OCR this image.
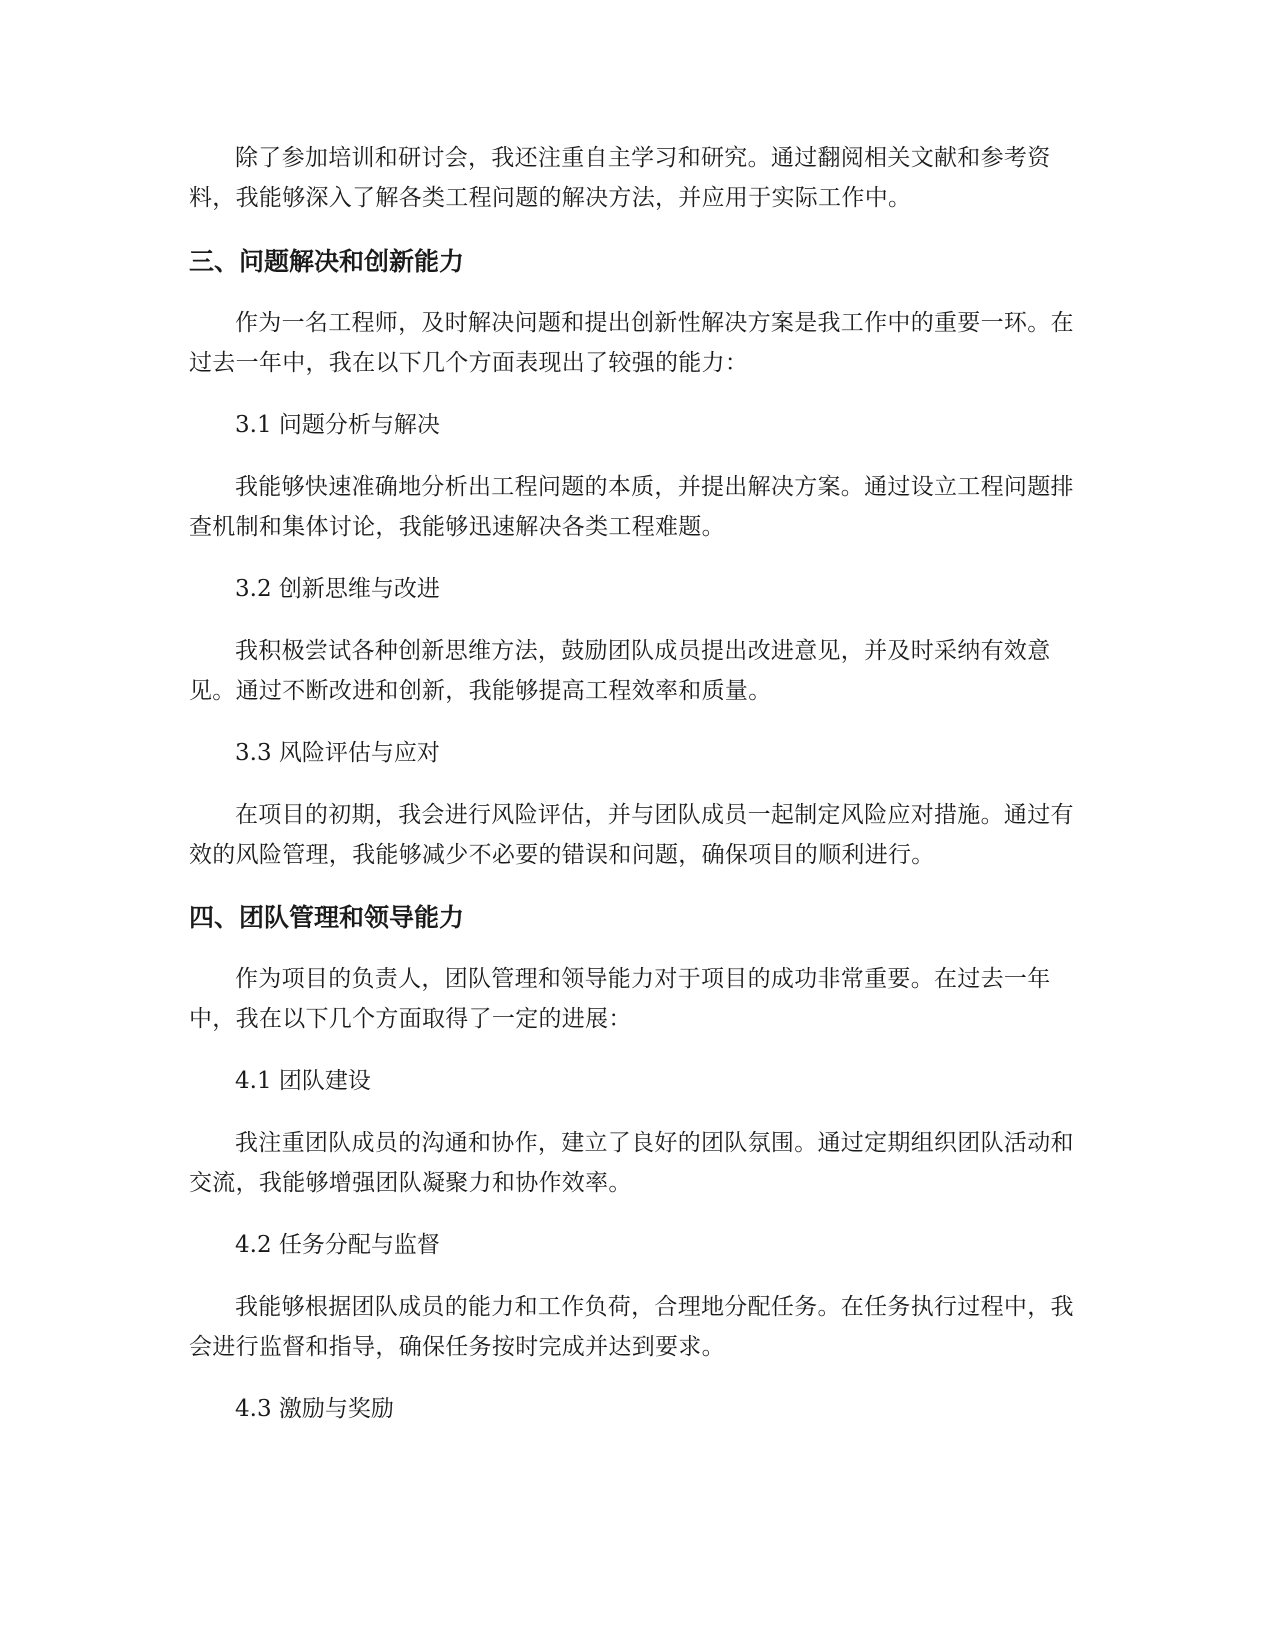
除了参加培训和研讨会，我还注重自主学习和研究。通过翻阅相关文献和参考资料，我能够深入了解各类工程问题的解决方法，并应用于实际工作中。

三、问题解决和创新能力

作为一名工程师，及时解决问题和提出创新性解决方案是我工作中的重要一环。在过去一年中，我在以下几个方面表现出了较强的能力：

3.1 问题分析与解决

我能够快速准确地分析出工程问题的本质，并提出解决方案。通过设立工程问题排查机制和集体讨论，我能够迅速解决各类工程难题。

3.2 创新思维与改进

我积极尝试各种创新思维方法，鼓励团队成员提出改进意见，并及时采纳有效意见。通过不断改进和创新，我能够提高工程效率和质量。

3.3 风险评估与应对

在项目的初期，我会进行风险评估，并与团队成员一起制定风险应对措施。通过有效的风险管理，我能够减少不必要的错误和问题，确保项目的顺利进行。

四、团队管理和领导能力

作为项目的负责人，团队管理和领导能力对于项目的成功非常重要。在过去一年中，我在以下几个方面取得了一定的进展：

4.1 团队建设

我注重团队成员的沟通和协作，建立了良好的团队氛围。通过定期组织团队活动和交流，我能够增强团队凝聚力和协作效率。

4.2 任务分配与监督

我能够根据团队成员的能力和工作负荷，合理地分配任务。在任务执行过程中，我会进行监督和指导，确保任务按时完成并达到要求。

4.3 激励与奖励
